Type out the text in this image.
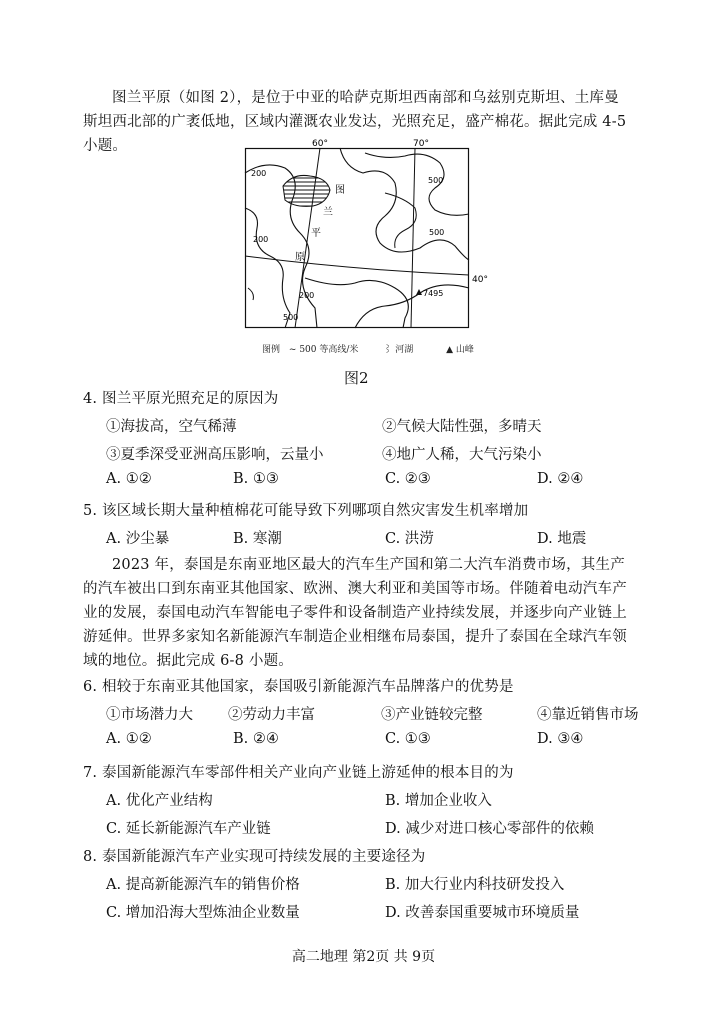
图兰平原（如图 2），是位于中亚的哈萨克斯坦西南部和乌兹别克斯坦、土库曼
斯坦西北部的广袤低地，区域内灌溉农业发达，光照充足，盛产棉花。据此完成 4-5
小题。	60°	70°
40°
200
200
500
200
500
500
图
兰
平
原
7495
图例 ~ 500 等高线/米	⌇ 河湖	▲ 山峰
图2
4. 图兰平原光照充足的原因为
①海拔高，空气稀薄	②气候大陆性强，多晴天
③夏季深受亚洲高压影响，云量小	④地广人稀，大气污染小
A. ①②	B. ①③	C. ②③	D. ②④
5. 该区域长期大量种植棉花可能导致下列哪项自然灾害发生机率增加
A. 沙尘暴	B. 寒潮	C. 洪涝	D. 地震
2023 年，泰国是东南亚地区最大的汽车生产国和第二大汽车消费市场，其生产
的汽车被出口到东南亚其他国家、欧洲、澳大利亚和美国等市场。伴随着电动汽车产
业的发展，泰国电动汽车智能电子零件和设备制造产业持续发展，并逐步向产业链上
游延伸。世界多家知名新能源汽车制造企业相继布局泰国，提升了泰国在全球汽车领
域的地位。据此完成 6-8 小题。
6. 相较于东南亚其他国家，泰国吸引新能源汽车品牌落户的优势是
①市场潜力大 ②劳动力丰富	③产业链较完整	④靠近销售市场
A. ①②	B. ②④	C. ①③	D. ③④
7. 泰国新能源汽车零部件相关产业向产业链上游延伸的根本目的为
A. 优化产业结构	B. 增加企业收入
C. 延长新能源汽车产业链	D. 减少对进口核心零部件的依赖
8. 泰国新能源汽车产业实现可持续发展的主要途径为
A. 提高新能源汽车的销售价格	B. 加大行业内科技研发投入
C. 增加沿海大型炼油企业数量	D. 改善泰国重要城市环境质量
高二地理 第2页 共 9页
